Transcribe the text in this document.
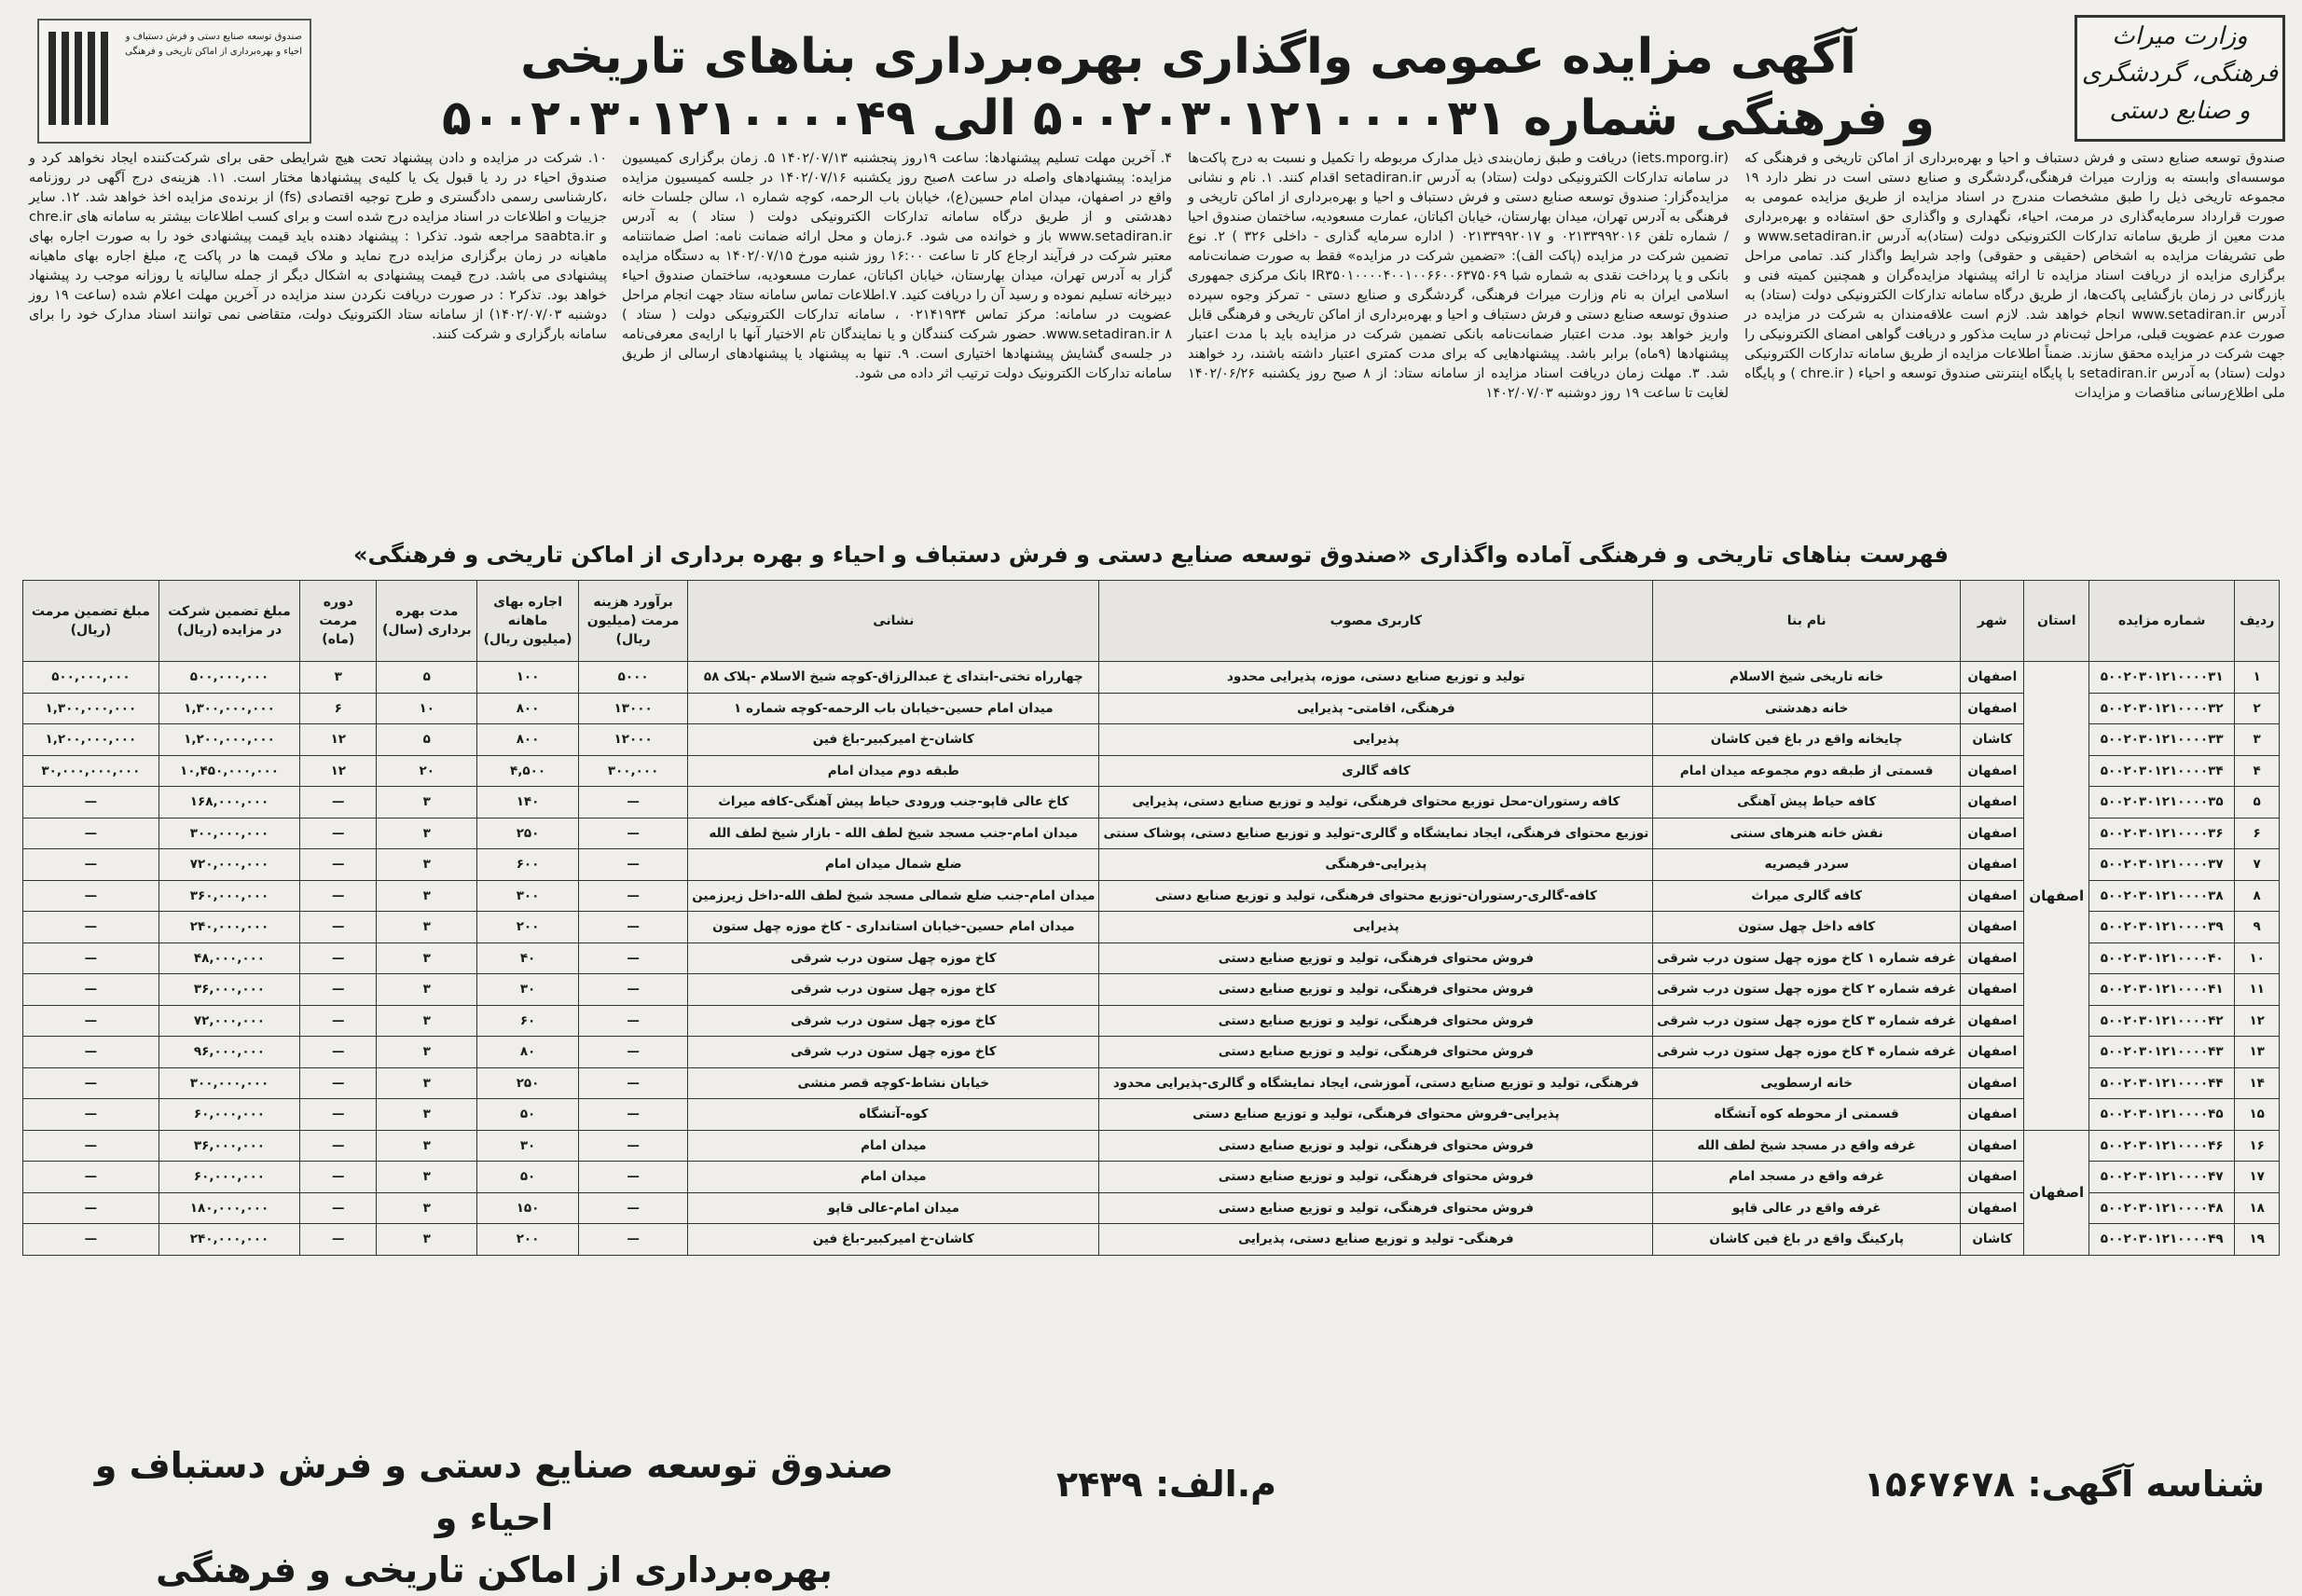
صندوق توسعه صنایع دستی و فرش دستباف و احیاء و بهره‌برداری از اماکن تاریخی و فرهنگی
وزارت میراث فرهنگی، گردشگری و صنایع دستی
آگهی مزایده عمومی واگذاری بهره‌برداری بناهای تاریخی
و فرهنگی شماره ۵۰۰۲۰۳۰۱۲۱۰۰۰۰۳۱ الی ۵۰۰۲۰۳۰۱۲۱۰۰۰۰۴۹
صندوق توسعه صنایع دستی و فرش دستباف و احیا و بهره‌برداری از اماکن تاریخی و فرهنگی که موسسه‌ای وابسته به وزارت میراث فرهنگی،گردشگری و صنایع دستی است در نظر دارد ۱۹ مجموعه تاریخی ذیل را طبق مشخصات مندرج در اسناد مزایده از طریق مزایده عمومی به صورت قرارداد سرمایه‌گذاری در مرمت، احیاء، نگهداری و واگذاری حق استفاده و بهره‌برداری مدت معین از طریق سامانه تدارکات الکترونیکی دولت (ستاد)به آدرس www.setadiran.ir و طی تشریفات مزایده به اشخاص (حقیقی و حقوقی) واجد شرایط واگذار کند. تمامی مراحل برگزاری مزایده از دریافت اسناد مزایده تا ارائه پیشنهاد مزایده‌گران و همچنین کمیته فنی و بازرگانی در زمان بازگشایی پاکت‌ها، از طریق درگاه سامانه تدارکات الکترونیکی دولت (ستاد) به آدرس www.setadiran.ir انجام خواهد شد. لازم است علاقه‌مندان به شرکت در مزایده در صورت عدم عضویت قبلی، مراحل ثبت‌نام در سایت مذکور و دریافت گواهی امضای الکترونیکی را جهت شرکت در مزایده محقق سازند. ضمناً اطلاعات مزایده از طریق سامانه تدارکات الکترونیکی دولت (ستاد) به آدرس setadiran.ir با پایگاه اینترنتی صندوق توسعه و احیاء ( chre.ir ) و پایگاه ملی اطلاع‌رسانی مناقصات و مزایدات
(iets.mporg.ir) دریافت و طبق زمان‌بندی ذیل مدارک مربوطه را تکمیل و نسبت به درج پاکت‌ها در سامانه تدارکات الکترونیکی دولت (ستاد) به آدرس setadiran.ir اقدام کنند. ۱. نام و نشانی مزایده‌گزار: صندوق توسعه صنایع دستی و فرش دستباف و احیا و بهره‌برداری از اماکن تاریخی و فرهنگی به آدرس تهران، میدان بهارستان، خیابان اکباتان، عمارت مسعودیه، ساختمان صندوق احیا / شماره تلفن ۰۲۱۳۳۹۹۲۰۱۶ و ۰۲۱۳۳۹۹۲۰۱۷ ( اداره سرمایه گذاری - داخلی ۳۲۶ ) ۲. نوع تضمین شرکت در مزایده (پاکت الف): «تضمین شرکت در مزایده» فقط به صورت ضمانت‌نامه بانکی و یا پرداخت نقدی به شماره شبا IR۳۵۰۱۰۰۰۰۴۰۰۱۰۰۶۶۰۰۶۳۷۵۰۶۹ بانک مرکزی جمهوری اسلامی ایران به نام وزارت میراث فرهنگی، گردشگری و صنایع دستی - تمرکز وجوه سپرده صندوق توسعه صنایع دستی و فرش دستباف و احیا و بهره‌برداری از اماکن تاریخی و فرهنگی قابل واریز خواهد بود. مدت اعتبار ضمانت‌نامه بانکی تضمین شرکت در مزایده باید با مدت اعتبار پیشنهادها (۹ماه) برابر باشد. پیشنهادهایی که برای مدت کمتری اعتبار داشته باشند، رد خواهند شد. ۳. مهلت زمان دریافت اسناد مزایده از سامانه ستاد: از ۸ صبح روز یکشنبه ۱۴۰۲/۰۶/۲۶ لغایت تا ساعت ۱۹ روز دوشنبه ۱۴۰۲/۰۷/۰۳
۴. آخرین مهلت تسلیم پیشنهادها: ساعت ۱۹روز پنجشنبه ۱۴۰۲/۰۷/۱۳ ۵. زمان برگزاری کمیسیون مزایده: پیشنهادهای واصله در ساعت ۸صبح روز یکشنبه ۱۴۰۲/۰۷/۱۶ در جلسه کمیسیون مزایده واقع در اصفهان، میدان امام حسین(ع)، خیابان باب الرحمه، کوچه شماره ۱، سالن جلسات خانه دهدشتی و از طریق درگاه سامانه تدارکات الکترونیکی دولت ( ستاد ) به آدرس www.setadiran.ir باز و خوانده می شود. ۶.زمان و محل ارائه ضمانت نامه: اصل ضمانتنامه معتبر شرکت در فرآیند ارجاع کار تا ساعت ۱۶:۰۰ روز شنبه مورخ ۱۴۰۲/۰۷/۱۵ به دستگاه مزایده گزار به آدرس تهران، میدان بهارستان، خیابان اکباتان، عمارت مسعودیه، ساختمان صندوق احیاء دبیرخانه تسلیم نموده و رسید آن را دریافت کنید. ۷.اطلاعات تماس سامانه ستاد جهت انجام مراحل عضویت در سامانه: مرکز تماس ۰۲۱۴۱۹۳۴ ، سامانه تدارکات الکترونیکی دولت ( ستاد ) www.setadiran.ir ۸. حضور شرکت کنندگان و یا نمایندگان تام الاختیار آنها با ارایه‌ی معرفی‌نامه در جلسه‌ی گشایش پیشنهادها اختیاری است. ۹. تنها به پیشنهاد یا پیشنهادهای ارسالی از طریق سامانه تدارکات الکترونیک دولت ترتیب اثر داده می شود.
۱۰. شرکت در مزایده و دادن پیشنهاد تحت هیچ شرایطی حقی برای شرکت‌کننده ایجاد نخواهد کرد و صندوق احیاء در رد یا قبول یک یا کلیه‌ی پیشنهادها مختار است. ۱۱. هزینه‌ی درج آگهی در روزنامه ،کارشناسی رسمی دادگستری و طرح توجیه اقتصادی (fs) از برنده‌ی مزایده اخذ خواهد شد. ۱۲. سایر جزییات و اطلاعات در اسناد مزایده درج شده است و برای کسب اطلاعات بیشتر به سامانه های chre.ir و saabta.ir مراجعه شود. تذکر۱ : پیشنهاد دهنده باید قیمت پیشنهادی خود را به صورت اجاره بهای ماهیانه در زمان برگزاری مزایده درج نماید و ملاک قیمت ها در پاکت ج، مبلغ اجاره بهای ماهیانه پیشنهادی می باشد. درج قیمت پیشنهادی به اشکال دیگر از جمله سالیانه یا روزانه موجب رد پیشنهاد خواهد بود. تذکر۲ : در صورت دریافت نکردن سند مزایده در آخرین مهلت اعلام شده (ساعت ۱۹ روز دوشنبه ۱۴۰۲/۰۷/۰۳) از سامانه ستاد الکترونیک دولت، متقاضی نمی توانند اسناد مدارک خود را برای سامانه بارگزاری و شرکت کنند.
فهرست بناهای تاریخی و فرهنگی آماده واگذاری «صندوق توسعه صنایع دستی و فرش دستباف و احیاء و بهره برداری از اماکن تاریخی و فرهنگی»
ردیف	شماره مزایده	استان	شهر	نام بنا	کاربری مصوب	نشانی	برآورد هزینه مرمت (میلیون ریال)	اجاره بهای ماهانه (میلیون ریال)	مدت بهره برداری (سال)	دوره مرمت (ماه)	مبلغ تضمین شرکت در مزایده (ریال)	مبلغ تضمین مرمت (ریال)
۱	۵۰۰۲۰۳۰۱۲۱۰۰۰۰۳۱	اصفهان	اصفهان	خانه تاریخی شیخ الاسلام	تولید و توزیع صنایع دستی، موزه، پذیرایی محدود	چهارراه تختی-ابتدای خ عبدالرزاق-کوچه شیخ الاسلام -پلاک ۵۸	۵۰۰۰	۱۰۰	۵	۳	۵۰۰,۰۰۰,۰۰۰	۵۰۰,۰۰۰,۰۰۰
۲	۵۰۰۲۰۳۰۱۲۱۰۰۰۰۳۲		اصفهان	خانه دهدشتی	فرهنگی، اقامتی- پذیرایی	میدان امام حسین-خیابان باب الرحمه-کوچه شماره ۱	۱۳۰۰۰	۸۰۰	۱۰	۶	۱,۳۰۰,۰۰۰,۰۰۰	۱,۳۰۰,۰۰۰,۰۰۰
۳	۵۰۰۲۰۳۰۱۲۱۰۰۰۰۳۳		کاشان	چایخانه واقع در باغ فین کاشان	پذیرایی	کاشان-خ امیرکبیر-باغ فین	۱۲۰۰۰	۸۰۰	۵	۱۲	۱,۲۰۰,۰۰۰,۰۰۰	۱,۲۰۰,۰۰۰,۰۰۰
۴	۵۰۰۲۰۳۰۱۲۱۰۰۰۰۳۴		اصفهان	قسمتی از طبقه دوم مجموعه میدان امام	کافه گالری	طبقه دوم میدان امام	۳۰۰,۰۰۰	۴,۵۰۰	۲۰	۱۲	۱۰,۴۵۰,۰۰۰,۰۰۰	۳۰,۰۰۰,۰۰۰,۰۰۰
۵	۵۰۰۲۰۳۰۱۲۱۰۰۰۰۳۵		اصفهان	کافه حیاط پیش آهنگی	کافه رستوران-محل توزیع محتوای فرهنگی، تولید و توزیع صنایع دستی، پذیرایی	کاخ عالی قاپو-جنب ورودی حیاط پیش آهنگی-کافه میراث	—	۱۴۰	۳	—	۱۶۸,۰۰۰,۰۰۰	—
۶	۵۰۰۲۰۳۰۱۲۱۰۰۰۰۳۶		اصفهان	نقش خانه هنرهای سنتی	توزیع محتوای فرهنگی، ایجاد نمایشگاه و گالری-تولید و توزیع صنایع دستی، پوشاک سنتی	میدان امام-جنب مسجد شیخ لطف الله - بازار شیخ لطف الله	—	۲۵۰	۳	—	۳۰۰,۰۰۰,۰۰۰	—
۷	۵۰۰۲۰۳۰۱۲۱۰۰۰۰۳۷		اصفهان	سردر قیصریه	پذیرایی-فرهنگی	ضلع شمال میدان امام	—	۶۰۰	۳	—	۷۲۰,۰۰۰,۰۰۰	—
۸	۵۰۰۲۰۳۰۱۲۱۰۰۰۰۳۸		اصفهان	کافه گالری میراث	کافه-گالری-رستوران-توزیع محتوای فرهنگی، تولید و توزیع صنایع دستی	میدان امام-جنب ضلع شمالی مسجد شیخ لطف الله-داخل زیرزمین	—	۳۰۰	۳	—	۳۶۰,۰۰۰,۰۰۰	—
۹	۵۰۰۲۰۳۰۱۲۱۰۰۰۰۳۹		اصفهان	کافه داخل چهل ستون	پذیرایی	میدان امام حسین-خیابان استانداری - کاخ موزه چهل ستون	—	۲۰۰	۳	—	۲۴۰,۰۰۰,۰۰۰	—
۱۰	۵۰۰۲۰۳۰۱۲۱۰۰۰۰۴۰		اصفهان	غرفه شماره ۱ کاخ موزه چهل ستون درب شرقی	فروش محتوای فرهنگی، تولید و توزیع صنایع دستی	کاخ موزه چهل ستون درب شرقی	—	۴۰	۳	—	۴۸,۰۰۰,۰۰۰	—
۱۱	۵۰۰۲۰۳۰۱۲۱۰۰۰۰۴۱		اصفهان	غرفه شماره ۲ کاخ موزه چهل ستون درب شرقی	فروش محتوای فرهنگی، تولید و توزیع صنایع دستی	کاخ موزه چهل ستون درب شرقی	—	۳۰	۳	—	۳۶,۰۰۰,۰۰۰	—
۱۲	۵۰۰۲۰۳۰۱۲۱۰۰۰۰۴۲		اصفهان	غرفه شماره ۳ کاخ موزه چهل ستون درب شرقی	فروش محتوای فرهنگی، تولید و توزیع صنایع دستی	کاخ موزه چهل ستون درب شرقی	—	۶۰	۳	—	۷۲,۰۰۰,۰۰۰	—
۱۳	۵۰۰۲۰۳۰۱۲۱۰۰۰۰۴۳		اصفهان	غرفه شماره ۴ کاخ موزه چهل ستون درب شرقی	فروش محتوای فرهنگی، تولید و توزیع صنایع دستی	کاخ موزه چهل ستون درب شرقی	—	۸۰	۳	—	۹۶,۰۰۰,۰۰۰	—
۱۴	۵۰۰۲۰۳۰۱۲۱۰۰۰۰۴۴		اصفهان	خانه ارسطویی	فرهنگی، تولید و توزیع صنایع دستی، آموزشی، ایجاد نمایشگاه و گالری-پذیرایی محدود	خیابان نشاط-کوچه قصر منشی	—	۲۵۰	۳	—	۳۰۰,۰۰۰,۰۰۰	—
۱۵	۵۰۰۲۰۳۰۱۲۱۰۰۰۰۴۵		اصفهان	قسمتی از محوطه کوه آتشگاه	پذیرایی-فروش محتوای فرهنگی، تولید و توزیع صنایع دستی	کوه-آتشگاه	—	۵۰	۳	—	۶۰,۰۰۰,۰۰۰	—
۱۶	۵۰۰۲۰۳۰۱۲۱۰۰۰۰۴۶	اصفهان	اصفهان	غرفه واقع در مسجد شیخ لطف الله	فروش محتوای فرهنگی، تولید و توزیع صنایع دستی	میدان امام	—	۳۰	۳	—	۳۶,۰۰۰,۰۰۰	—
۱۷	۵۰۰۲۰۳۰۱۲۱۰۰۰۰۴۷		اصفهان	غرفه واقع در مسجد امام	فروش محتوای فرهنگی، تولید و توزیع صنایع دستی	میدان امام	—	۵۰	۳	—	۶۰,۰۰۰,۰۰۰	—
۱۸	۵۰۰۲۰۳۰۱۲۱۰۰۰۰۴۸		اصفهان	غرفه واقع در عالی قاپو	فروش محتوای فرهنگی، تولید و توزیع صنایع دستی	میدان امام-عالی قاپو	—	۱۵۰	۳	—	۱۸۰,۰۰۰,۰۰۰	—
۱۹	۵۰۰۲۰۳۰۱۲۱۰۰۰۰۴۹		کاشان	پارکینگ واقع در باغ فین کاشان	فرهنگی- تولید و توزیع صنایع دستی، پذیرایی	کاشان-خ امیرکبیر-باغ فین	—	۲۰۰	۳	—	۲۴۰,۰۰۰,۰۰۰	—
شناسه آگهی: ۱۵۶۷۶۷۸
م.الف: ۲۴۳۹
صندوق توسعه صنایع دستی و فرش دستباف و احیاء و
بهره‌برداری از اماکن تاریخی و فرهنگی
